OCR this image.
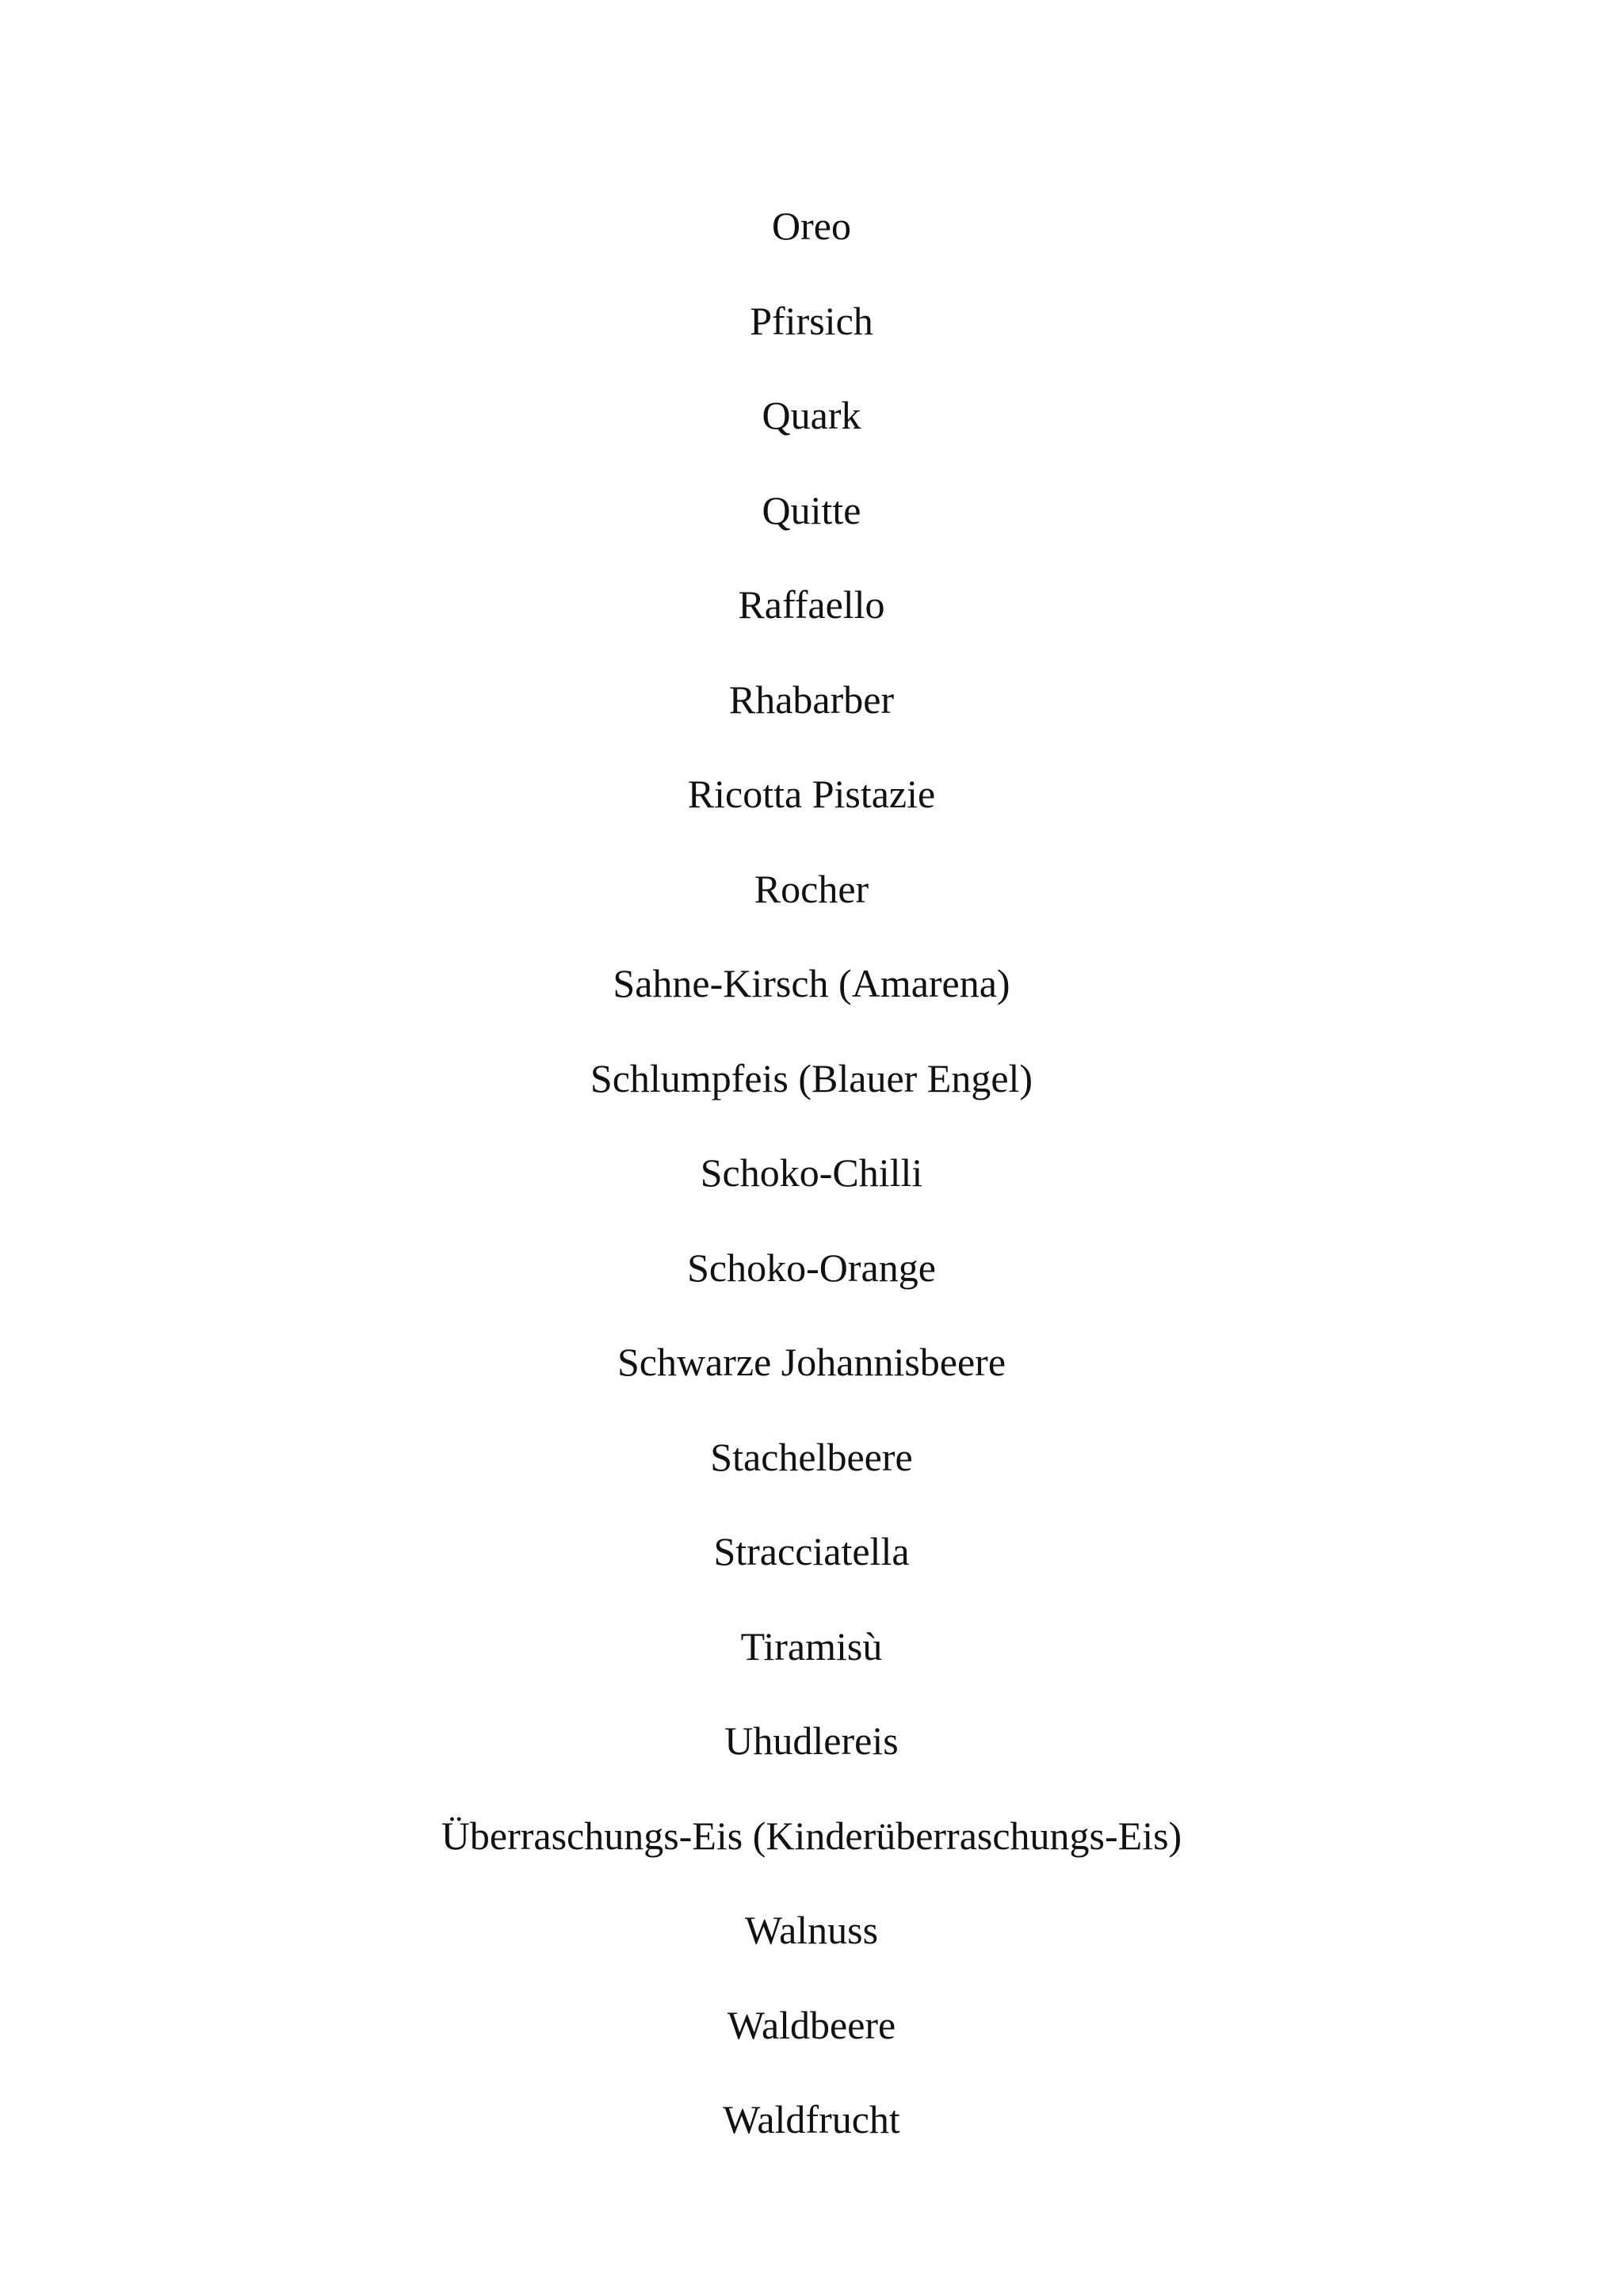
Oreo
Pfirsich
Quark
Quitte
Raffaello
Rhabarber
Ricotta Pistazie
Rocher
Sahne-Kirsch (Amarena)
Schlumpfeis (Blauer Engel)
Schoko-Chilli
Schoko-Orange
Schwarze Johannisbeere
Stachelbeere
Stracciatella
Tiramisù
Uhudlereis
Überraschungs-Eis (Kinderüberraschungs-Eis)
Walnuss
Waldbeere
Waldfrucht
